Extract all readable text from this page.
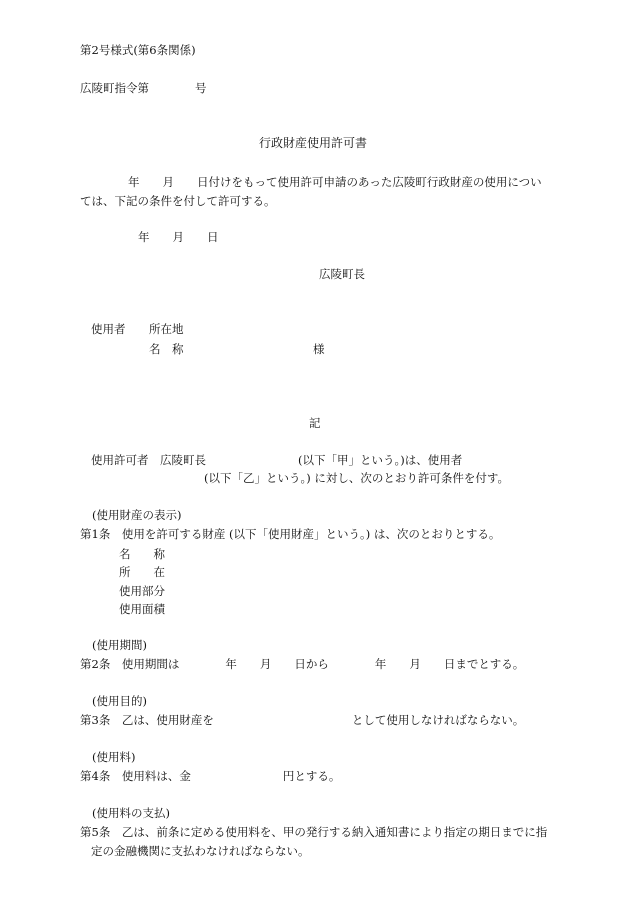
第2号様式(第6条関係)
広陵町指令第　　　　号
行政財産使用許可書
年　　月　　日付けをもって使用許可申請のあった広陵町行政財産の使用につい
ては、下記の条件を付して許可する。
年　　月　　日
広陵町長
使用者 所在地
名　称	様
記
使用許可者　広陵町長　　　　　　　　(以下「甲」という。)は、使用者
(以下「乙」という。) に対し、次のとおり許可条件を付す。
(使用財産の表示)
第1条　使用を許可する財産 (以下「使用財産」という。) は、次のとおりとする。
名　　称
所　　在
使用部分
使用面積
(使用期間)
第2条　使用期間は　　　　年　　月　　日から　　　　年　　月　　日までとする。
(使用目的)
第3条　乙は、使用財産を　　　　　　　　　　　　として使用しなければならない。
(使用料)
第4条　使用料は、金　　　　　　　　円とする。
(使用料の支払)
第5条　乙は、前条に定める使用料を、甲の発行する納入通知書により指定の期日までに指
定の金融機関に支払わなければならない。
